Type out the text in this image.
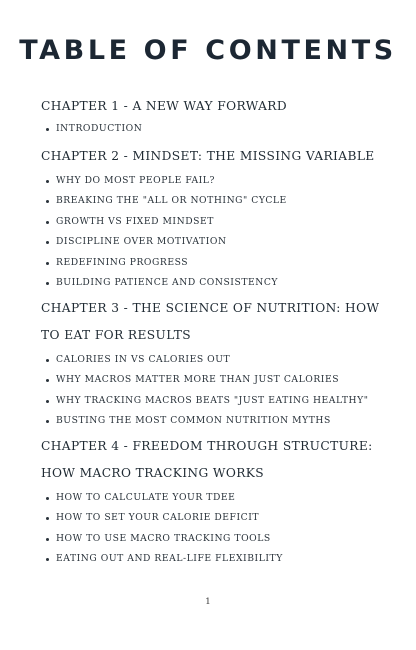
TABLE OF CONTENTS
CHAPTER 1 - A NEW WAY FORWARD
INTRODUCTION
CHAPTER 2 - MINDSET: THE MISSING VARIABLE
WHY DO MOST PEOPLE FAIL?
BREAKING THE "ALL OR NOTHING" CYCLE
GROWTH VS FIXED MINDSET
DISCIPLINE OVER MOTIVATION
REDEFINING PROGRESS
BUILDING PATIENCE AND CONSISTENCY
CHAPTER 3 - THE SCIENCE OF NUTRITION: HOW TO EAT FOR RESULTS
CALORIES IN VS CALORIES OUT
WHY MACROS MATTER MORE THAN JUST CALORIES
WHY TRACKING MACROS BEATS "JUST EATING HEALTHY"
BUSTING THE MOST COMMON NUTRITION MYTHS
CHAPTER 4 - FREEDOM THROUGH STRUCTURE: HOW MACRO TRACKING WORKS
HOW TO CALCULATE YOUR TDEE
HOW TO SET YOUR CALORIE DEFICIT
HOW TO USE MACRO TRACKING TOOLS
EATING OUT AND REAL-LIFE FLEXIBILITY
1
